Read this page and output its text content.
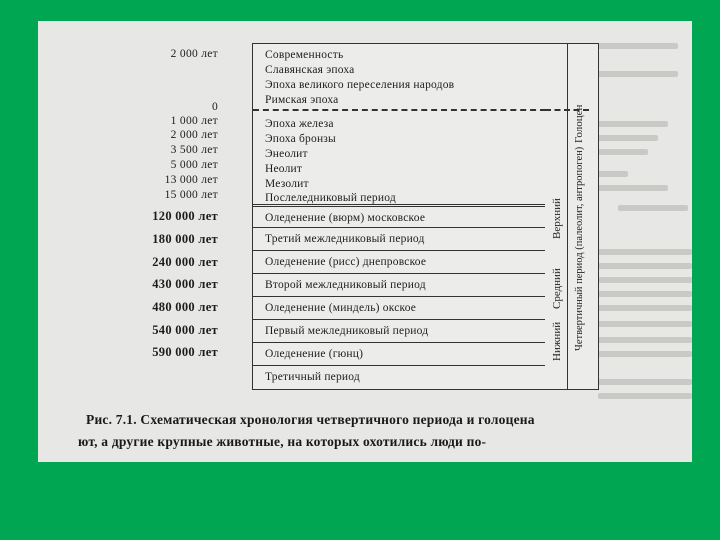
2 000 лет
0
1 000 лет
2 000 лет
3 500 лет
5 000 лет
13 000 лет
15 000 лет
120 000 лет
180 000 лет
240 000 лет
430 000 лет
480 000 лет
540 000 лет
590 000 лет
Современность
Славянская эпоха
Эпоха великого переселения народов
Римская эпоха
Эпоха железа
Эпоха бронзы
Энеолит
Неолит
Мезолит
Послеледниковый период
Оледенение (вюрм) московское
Третий межледниковый период
Оледенение (рисс) днепровское
Второй межледниковый период
Оледенение (миндель) окское
Первый межледниковый период
Оледенение (гюнц)
Третичный период
Голоцен
Верхний
Средний
Нижний Четвертичный период (палеолит, антропоген)
Рис. 7.1. Схематическая хронология четвертичного периода и голоцена
ют, а другие крупные животные, на которых охотились люди по-
